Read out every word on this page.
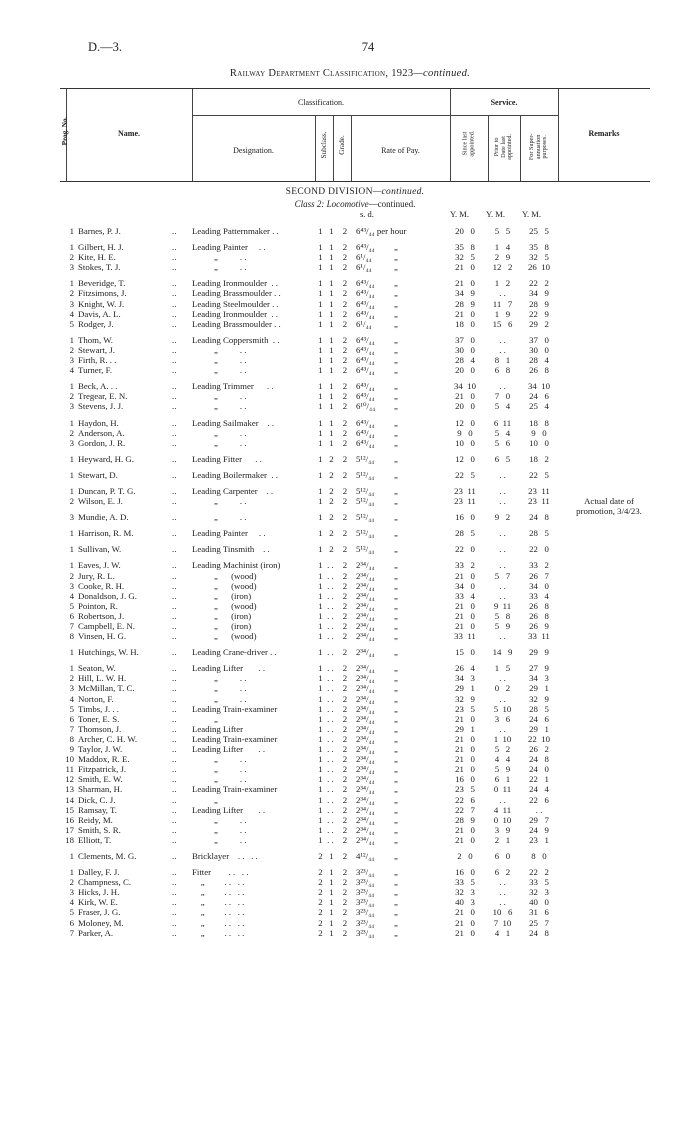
D.—3.	74
Railway Department Classification, 1923—continued.
Prog. No.	Name.
Classification.
Designation.	Subclass. Grade.	Rate of Pay.
Service.
Since last appointed.	Prior to Date last appointed. For Super- annuation purposes.
Remarks
SECOND DIVISION—continued.
Class 2: Locomotive—continued.
s. d.	Y. M. Y. M. Y. M.
1 Barnes, P. J.	.. Leading Patternmaker . .	1   1	2 6⁴³/₄₄ per hour	20   0	5   5	25   5
1 Gilbert, H. J.	.. Leading Painter     . .	1   1	2 6⁴³/₄₄ „	35   8	1   4	35   8
2 Kite, H. E.	.. „          . .	1   1	2 6¹/₄₄	„	32   5	2   9	32   5
3 Stokes, T. J.	.. „          . .	1   1	2 6¹/₄₄	„	21   0	12   2	26  10
1 Beveridge, T.	.. Leading Ironmoulder  . .	1   1	2 6⁴³/₄₄ „	21   0	1   2	22   2
2 Fitzsimons, J.	.. Leading Brassmoulder . .	1   1	2 6⁴³/₄₄ „	34   9	. .	34   9
3 Knight, W. J.	.. Leading Steelmoulder . .	1   1	2 6⁴³/₄₄ „	28   9	11   7	28   9
4 Davis, A. L.	.. Leading Ironmoulder  . .	1   1	2 6⁴³/₄₄ „	21   0	1   9	22   9
5 Rodger, J.	.. Leading Brassmoulder . .	1   1	2 6¹/₄₄	„	18   0	15   6	29   2
1 Thom, W.	.. Leading Coppersmith  . .	1   1	2 6⁴³/₄₄ „	37   0	. .	37   0
2 Stewart, J.	.. „          . .	1   1	2 6⁴³/₄₄ „	30   0	. .	30   0
3 Firth, R. . .	.. „          . .	1   1	2 6⁴³/₄₄ „	28   4	8   1	28   4
4 Turner, F.	.. „          . .	1   1	2 6⁴³/₄₄ „	20   0	6   8	26   8
1 Beck, A. . .	.. Leading Trimmer      . .	1   1	2 6⁴³/₄₄ „	34  10	. .	34  10
2 Tregear, E. N.	.. „          . .	1   1	2 6⁴³/₄₄ „	21   0	7   0	24   6
3 Stevens, J. J.	.. „          . .	1   1	2 6¹⁰/₄₄ „	20   0	5   4	25   4
1 Haydon, H.	.. Leading Sailmaker    . .	1   1	2 6⁴³/₄₄ „	12   0	6  11	18   8
2 Anderson, A.	.. „          . .	1   1	2 6⁴³/₄₄ „	9   0	5   4	9   0
3 Gordon, J. R.	.. „          . .	1   1	2 6⁴³/₄₄ „	10   0	5   6	10   0
1 Heyward, H. G.	.. Leading Fitter      . .	1   2	2 5¹²/₄₄ „	12   0	6   5	18   2
1 Stewart, D.	.. Leading Boilermaker  . .	1   2	2 5¹²/₄₄ „	22   5	. .	22   5
1 Duncan, P. T. G.	.. Leading Carpenter    . .	1   2	2 5¹²/₄₄ „	23  11	. .	23  11
2 Wilson, E. J.	.. „          . .	1   2	2 5¹²/₄₄ „	23  11	. .	23  11	Actual date of promotion, 3/4/23.
3 Mundie, A. D.	.. „          . .	1   2	2 5¹²/₄₄ „	16   0	9   2	24   8
1 Harrison, R. M.	.. Leading Painter     . .	1   2	2 5¹²/₄₄ „	28   5	. .	28   5
1 Sullivan, W.	.. Leading Tinsmith    . .	1   2	2 5¹²/₄₄ „	22   0	. .	22   0
1 Eaves, J. W.	.. Leading Machinist (iron)	1  . .	2 2³⁴/₄₄ „	33   2	. .	33   2
2 Jury, R. L.	.. „      (wood)	1  . .	2 2³⁴/₄₄ „	21   0	5   7	26   7
3 Cooke, R. H.	.. „      (wood)	1  . .	2 2³⁴/₄₄ „	34   0	. .	34   0
4 Donaldson, J. G.	.. „      (iron)	1  . .	2 2³⁴/₄₄ „	33   4	. .	33   4
5 Pointon, R.	.. „      (wood)	1  . .	2 2³⁴/₄₄ „	21   0	9  11	26   8
6 Robertson, J.	.. „      (iron)	1  . .	2 2³⁴/₄₄ „	21   0	5   8	26   8
7 Campbell, E. N.	.. „      (iron)	1  . .	2 2³⁴/₄₄ „	21   0	5   9	26   9
8 Vinsen, H. G.	.. „      (wood)	1  . .	2 2³⁴/₄₄ „	33  11	. .	33  11
1 Hutchings, W. H.	.. Leading Crane-driver . .	1  . .	2 2³⁴/₄₄ „	15   0	14   9	29   9
1 Seaton, W.	.. Leading Lifter       . .	1  . .	2 2³⁴/₄₄ „	26   4	1   5	27   9
2 Hill, L. W. H.	.. „          . .	1  . .	2 2³⁴/₄₄ „	34   3	. .	34   3
3 McMillan, T. C.	.. „          . .	1  . .	2 2³⁴/₄₄ „	29   1	0   2	29   1
4 Norton, F.	.. „          . .	1  . .	2 2³⁴/₄₄ „	32   9	. .	32   9
5 Timbs, J. . .	.. Leading Train-examiner	1  . .	2 2³⁴/₄₄ „	23   5	5  10	28   5
6 Toner, E. S.	.. „	1  . .	2 2³⁴/₄₄ „	21   0	3   6	24   6
7 Thomson, J.	.. Leading Lifter	1  . .	2 2³⁴/₄₄ „	29   1	. .	29   1
8 Archer, C. H. W.	.. Leading Train-examiner	1  . .	2 2³⁴/₄₄ „	21   0	1  10	22  10
9 Taylor, J. W.	.. Leading Lifter       . .	1  . .	2 2³⁴/₄₄ „	21   0	5   2	26   2
10 Maddox, R. E.	.. „          . .	1  . .	2 2³⁴/₄₄ „	21   0	4   4	24   8
11 Fitzpatrick, J.	.. „          . .	1  . .	2 2³⁴/₄₄ „	21   0	5   9	24   0
12 Smith, E. W.	.. „          . .	1  . .	2 2³⁴/₄₄ „	16   0	6   1	22   1
13 Sharman, H.	.. Leading Train-examiner	1  . .	2 2³⁴/₄₄ „	23   5	0  11	24   4
14 Dick, C. J.	.. „	1  . .	2 2³⁴/₄₄ „	22   6	. .	22   6
15 Ramsay, T.	.. Leading Lifter       . .	1  . .	2 2³⁴/₄₄ „	22   7	4  11	. .
16 Reidy, M.	.. „          . .	1  . .	2 2³⁴/₄₄ „	28   9	0  10	29   7
17 Smith, S. R.	.. „          . .	1  . .	2 2³⁴/₄₄ „	21   0	3   9	24   9
18 Elliott, T.	.. „          . .	1  . .	2 2³⁴/₄₄ „	21   0	2   1	23   1
1 Clements, M. G.	.. Bricklayer    . .   . .	2   1	2 4¹²/₄₄ „	2   0	6   0	8   0
1 Dalley, F. J.	.. Fitter        . .   . .	2   1	2 3²³/₄₄ „	16   0	6   2	22   2
2 Champness, C.	.. „         . .   . .	2   1	2 3²³/₄₄ „	33   5	. .	33   5
3 Hicks, J. H.	.. „         . .   . .	2   1	2 3²³/₄₄ „	32   3	. .	32   3
4 Kirk, W. E.	.. „         . .   . .	2   1	2 3²³/₄₄ „	40   3	. .	40   0
5 Fraser, J. G.	.. „         . .   . .	2   1	2 3²³/₄₄ „	21   0	10   6	31   6
6 Moloney, M.	.. „         . .   . .	2   1	2 3²³/₄₄ „	21   0	7  10	25   7
7 Parker, A.	.. „         . .   . .	2   1	2 3²³/₄₄ „	21   0	4   1	24   8
